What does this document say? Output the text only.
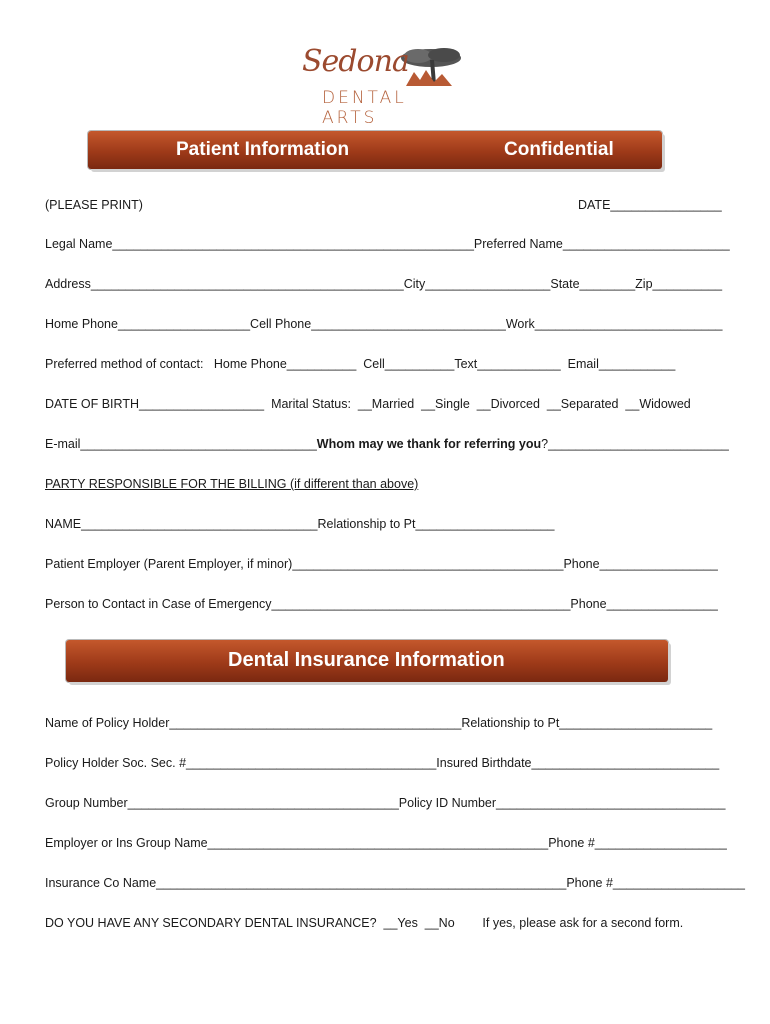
Sedona
DENTAL ARTS
Patient Information	Confidential
(PLEASE PRINT)	DATE________________
Legal Name____________________________________________________Preferred Name________________________
Address_____________________________________________City__________________State________Zip__________
Home Phone___________________Cell Phone____________________________Work___________________________
Preferred method of contact:   Home Phone__________  Cell__________Text____________  Email___________
DATE OF BIRTH__________________  Marital Status:  __Married  __Single  __Divorced  __Separated  __Widowed
E-mail__________________________________Whom may we thank for referring you?__________________________
PARTY RESPONSIBLE FOR THE BILLING (if different than above)
NAME__________________________________Relationship to Pt____________________
Patient Employer (Parent Employer, if minor)_______________________________________Phone_________________
Person to Contact in Case of Emergency___________________________________________Phone________________
Dental Insurance Information
Name of Policy Holder__________________________________________Relationship to Pt______________________
Policy Holder Soc. Sec. #____________________________________Insured Birthdate___________________________
Group Number_______________________________________Policy ID Number_________________________________
Employer or Ins Group Name_________________________________________________Phone #___________________
Insurance Co Name___________________________________________________________Phone #___________________
DO YOU HAVE ANY SECONDARY DENTAL INSURANCE?  __Yes  __No        If yes, please ask for a second form.
